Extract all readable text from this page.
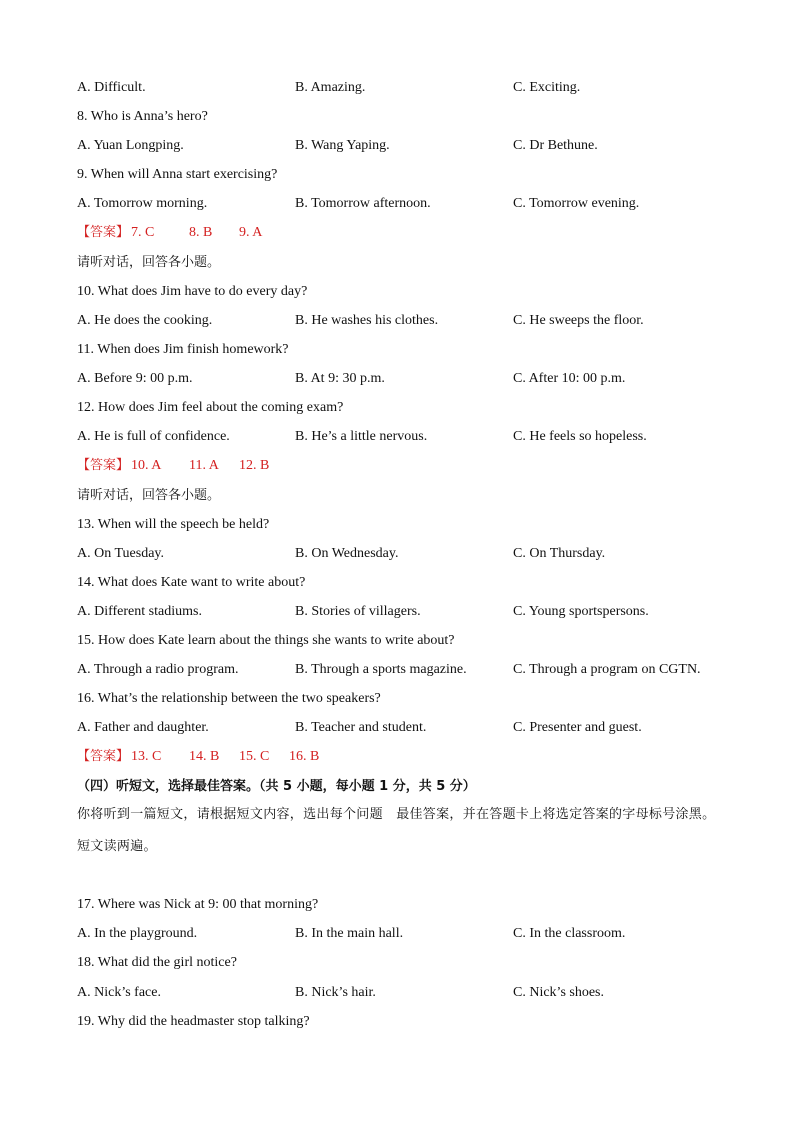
A. Difficult.	B. Amazing.	C. Exciting.
8. Who is Anna’s hero?
A. Yuan Longping.	B. Wang Yaping.	C. Dr Bethune.
9. When will Anna start exercising?
A. Tomorrow morning.	B. Tomorrow afternoon.	C. Tomorrow evening.
【答案】 7. C 8. B 9. A
请听对话，回答各小题。
10. What does Jim have to do every day?
A. He does the cooking.	B. He washes his clothes.	C. He sweeps the floor.
11. When does Jim finish homework?
A. Before 9: 00 p.m.	B. At 9: 30 p.m.	C. After 10: 00 p.m.
12. How does Jim feel about the coming exam?
A. He is full of confidence.	B. He’s a little nervous.	C. He feels so hopeless.
【答案】 10. A 11. A 12. B
请听对话，回答各小题。
13. When will the speech be held?
A. On Tuesday.	B. On Wednesday.	C. On Thursday.
14. What does Kate want to write about?
A. Different stadiums.	B. Stories of villagers.	C. Young sportspersons.
15. How does Kate learn about the things she wants to write about?
A. Through a radio program.	B. Through a sports magazine.	C. Through a program on CGTN.
16. What’s the relationship between the two speakers?
A. Father and daughter.	B. Teacher and student.	C. Presenter and guest.
【答案】 13. C 14. B 15. C 16. B
（四）听短文，选择最佳答案。（共 5 小题，每小题 1 分，共 5 分）
你将听到一篇短文，请根据短文内容，选出每个问题　最佳答案，并在答题卡上将选定答案的字母标号涂黑。短文读两遍。
17. Where was Nick at 9: 00 that morning?
A. In the playground.	B. In the main hall.	C. In the classroom.
18. What did the girl notice?
A. Nick’s face.	B. Nick’s hair.	C. Nick’s shoes.
19. Why did the headmaster stop talking?
